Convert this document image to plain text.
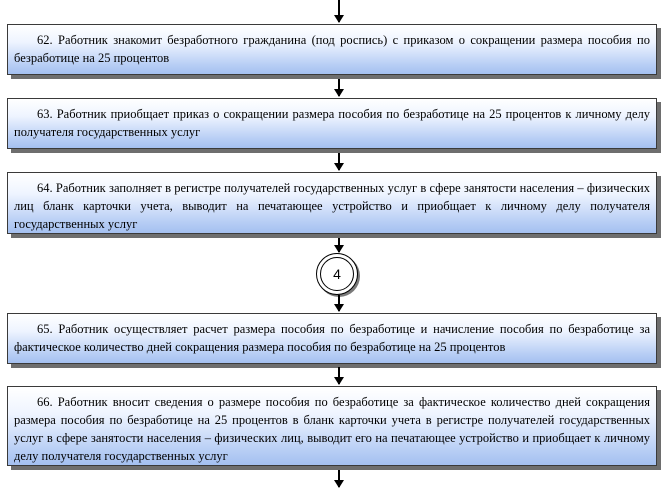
62. Работник знакомит безработного гражданина (под роспись) с приказом о сокращении размера пособия по безработице на 25 процентов
63. Работник приобщает приказ о сокращении размера пособия по безработице на 25 процентов к личному делу получателя государственных услуг
64. Работник заполняет в регистре получателей государственных услуг в сфере занятости населения – физических лиц бланк карточки учета, выводит на печатающее устройство и приобщает к личному делу получателя государственных услуг
4
65. Работник осуществляет расчет размера пособия по безработице и начисление пособия по безработице за фактическое количество дней сокращения размера пособия по безработице на 25 процентов
66. Работник вносит сведения о размере пособия по безработице за фактическое количество дней сокращения размера пособия по безработице на 25 процентов в бланк карточки учета в регистре получателей государственных услуг в сфере занятости населения – физических лиц, выводит его на печатающее устройство и приобщает к личному делу получателя государственных услуг
